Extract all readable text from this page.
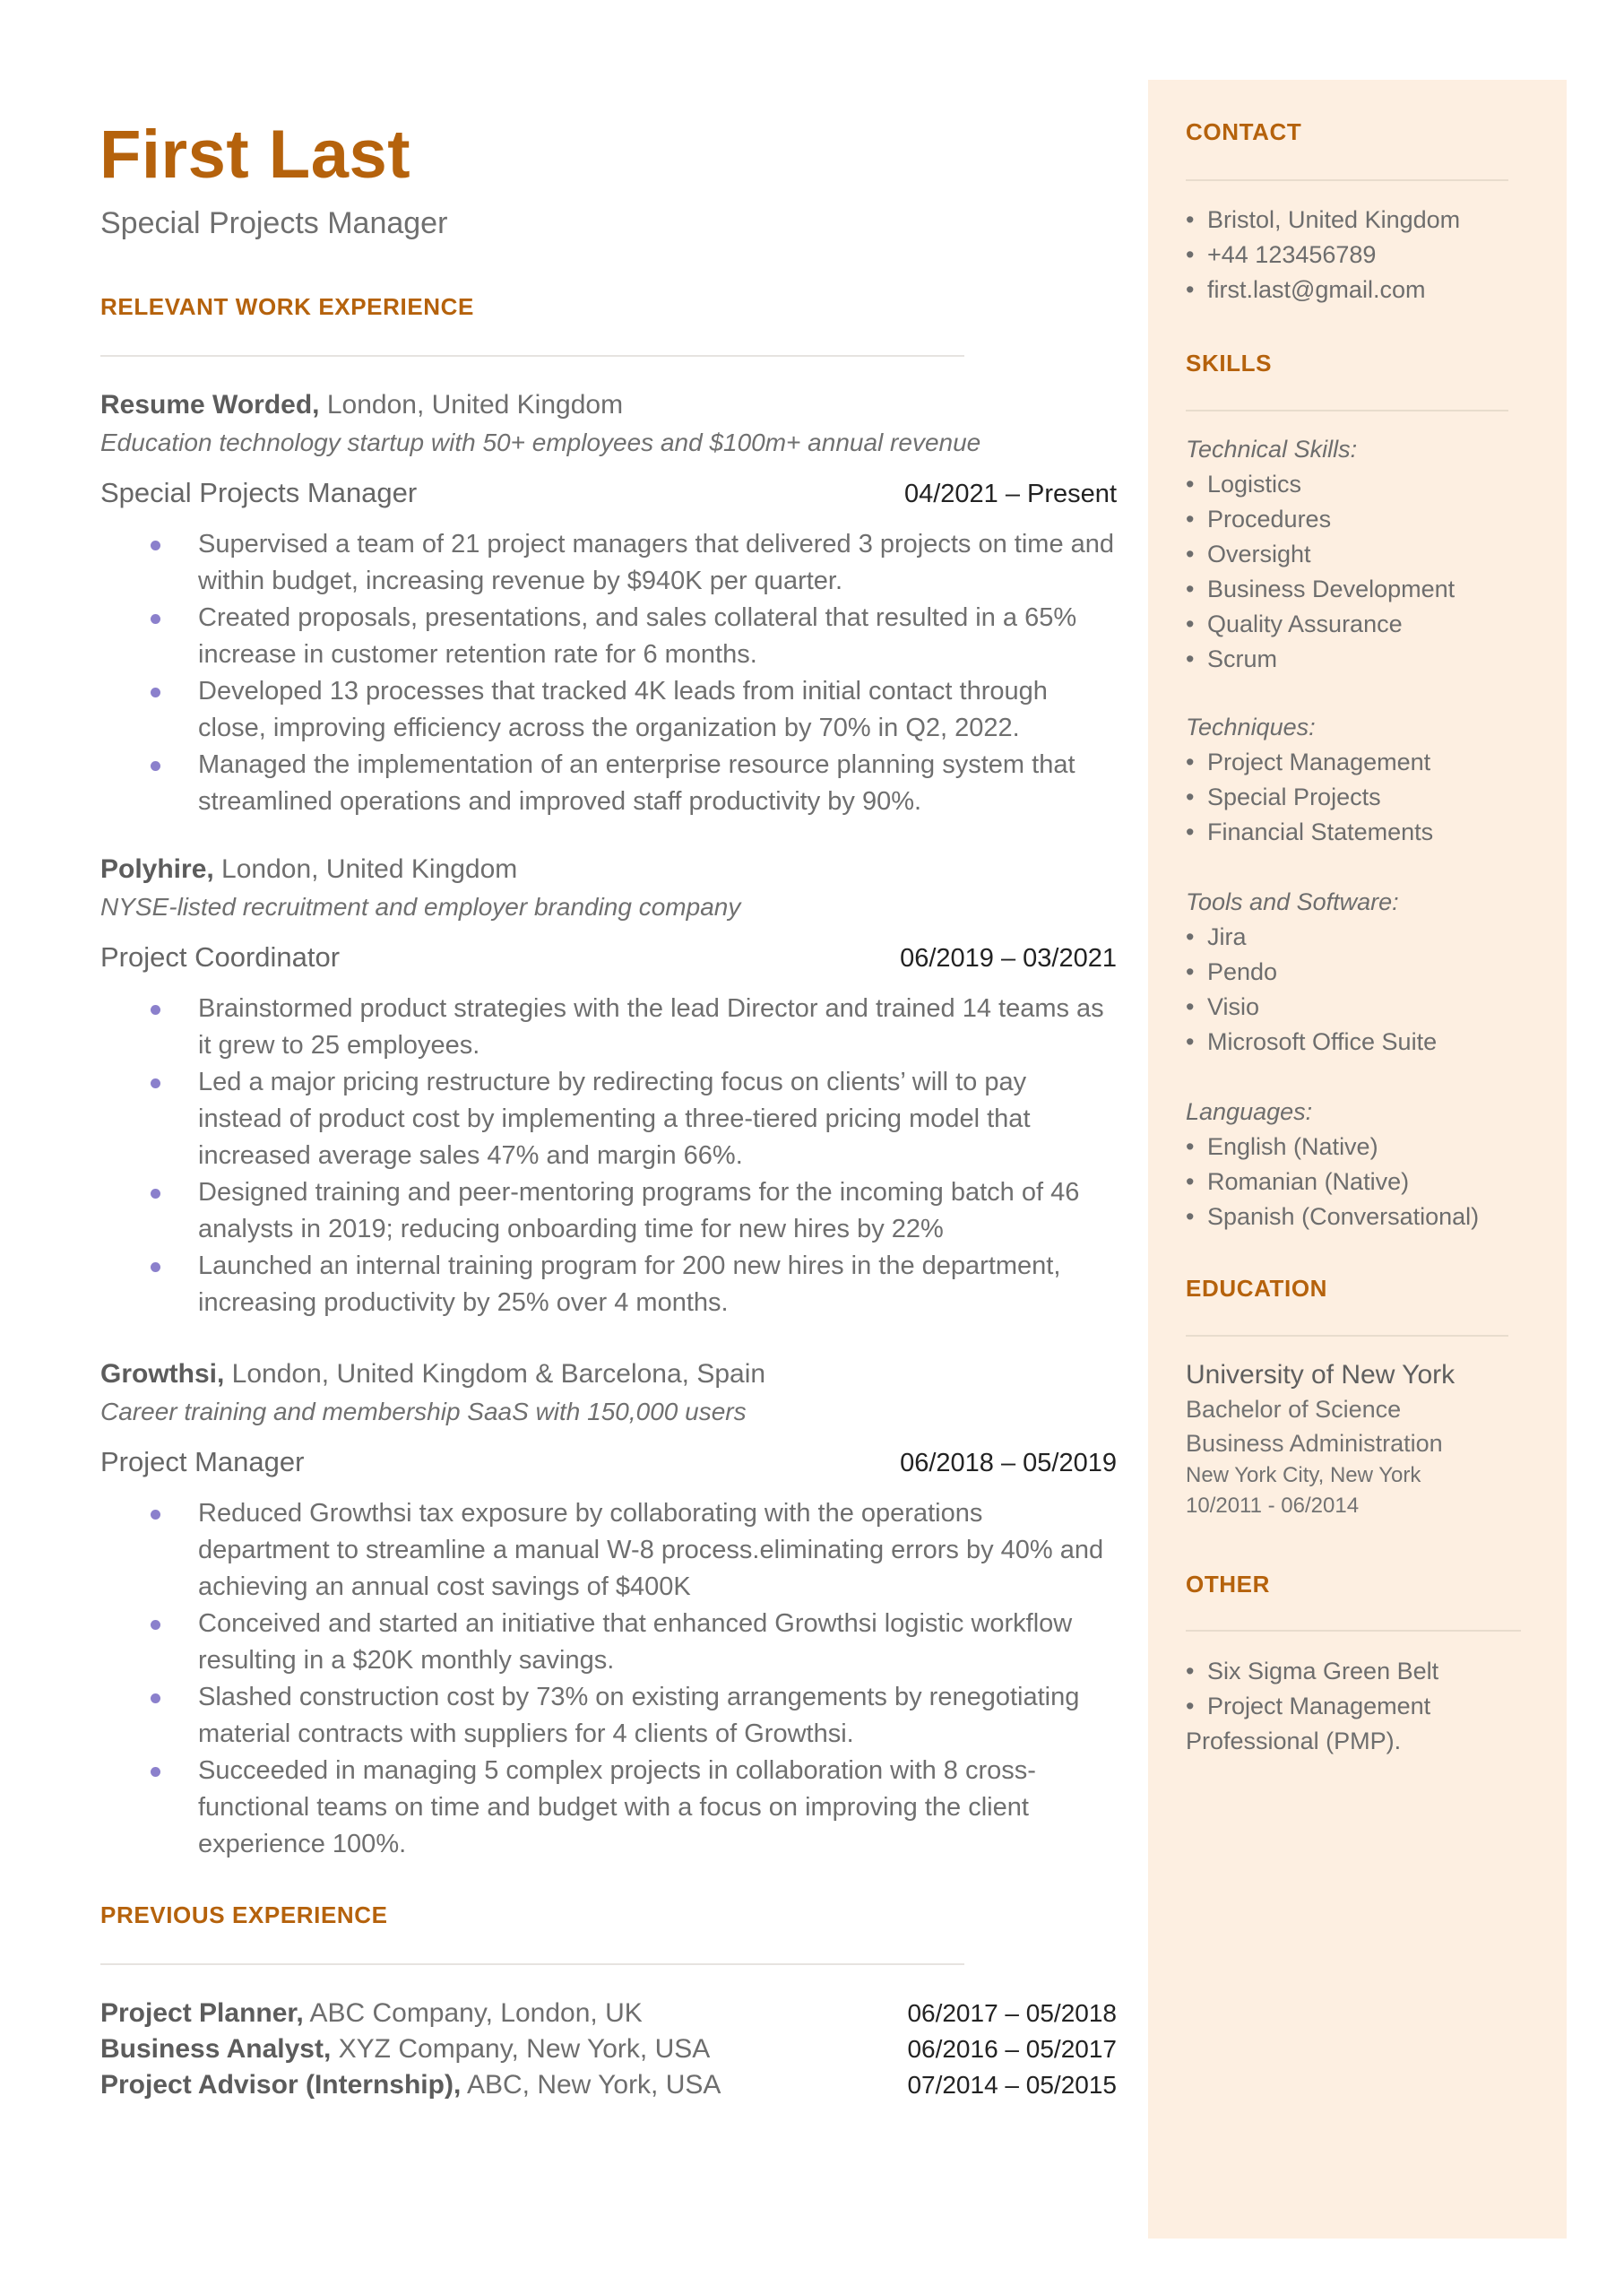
First Last
Special Projects Manager
RELEVANT WORK EXPERIENCE
Resume Worded, London, United Kingdom
Education technology startup with 50+ employees and $100m+ annual revenue
Special Projects Manager	04/2021 – Present
Supervised a team of 21 project managers that delivered 3 projects on time and within budget, increasing revenue by $940K per quarter.
Created proposals, presentations, and sales collateral that resulted in a 65% increase in customer retention rate for 6 months.
Developed 13 processes that tracked 4K leads from initial contact through close, improving efficiency across the organization by 70% in Q2, 2022.
Managed the implementation of an enterprise resource planning system that streamlined operations and improved staff productivity by 90%.
Polyhire, London, United Kingdom
NYSE-listed recruitment and employer branding company
Project Coordinator	06/2019 – 03/2021
Brainstormed product strategies with the lead Director and trained 14 teams as it grew to 25 employees.
Led a major pricing restructure by redirecting focus on clients’ will to pay instead of product cost by implementing a three-tiered pricing model that increased average sales 47% and margin 66%.
Designed training and peer-mentoring programs for the incoming batch of 46 analysts in 2019; reducing onboarding time for new hires by 22%
Launched an internal training program for 200 new hires in the department, increasing productivity by 25% over 4 months.
Growthsi, London, United Kingdom & Barcelona, Spain
Career training and membership SaaS with 150,000 users
Project Manager	06/2018 – 05/2019
Reduced Growthsi tax exposure by collaborating with the operations department to streamline a manual W-8 process.eliminating errors by 40% and achieving an annual cost savings of $400K
Conceived and started an initiative that enhanced Growthsi logistic workflow resulting in a $20K monthly savings.
Slashed construction cost by 73% on existing arrangements by renegotiating material contracts with suppliers for 4 clients of Growthsi.
Succeeded in managing 5 complex projects in collaboration with 8 cross-functional teams on time and budget with a focus on improving the client experience 100%.
PREVIOUS EXPERIENCE
Project Planner, ABC Company, London, UK	06/2017 – 05/2018
Business Analyst, XYZ Company, New York, USA	06/2016 – 05/2017
Project Advisor (Internship), ABC, New York, USA	07/2014 – 05/2015
CONTACT
• Bristol, United Kingdom
• +44 123456789
• first.last@gmail.com
SKILLS
Technical Skills:
• Logistics
• Procedures
• Oversight
• Business Development
• Quality Assurance
• Scrum
Techniques:
• Project Management
• Special Projects
• Financial Statements
Tools and Software:
• Jira
• Pendo
• Visio
• Microsoft Office Suite
Languages:
• English (Native)
• Romanian (Native)
• Spanish (Conversational)
EDUCATION
University of New York
Bachelor of Science
Business Administration
New York City, New York
10/2011 - 06/2014
OTHER
• Six Sigma Green Belt
• Project Management
Professional (PMP).
